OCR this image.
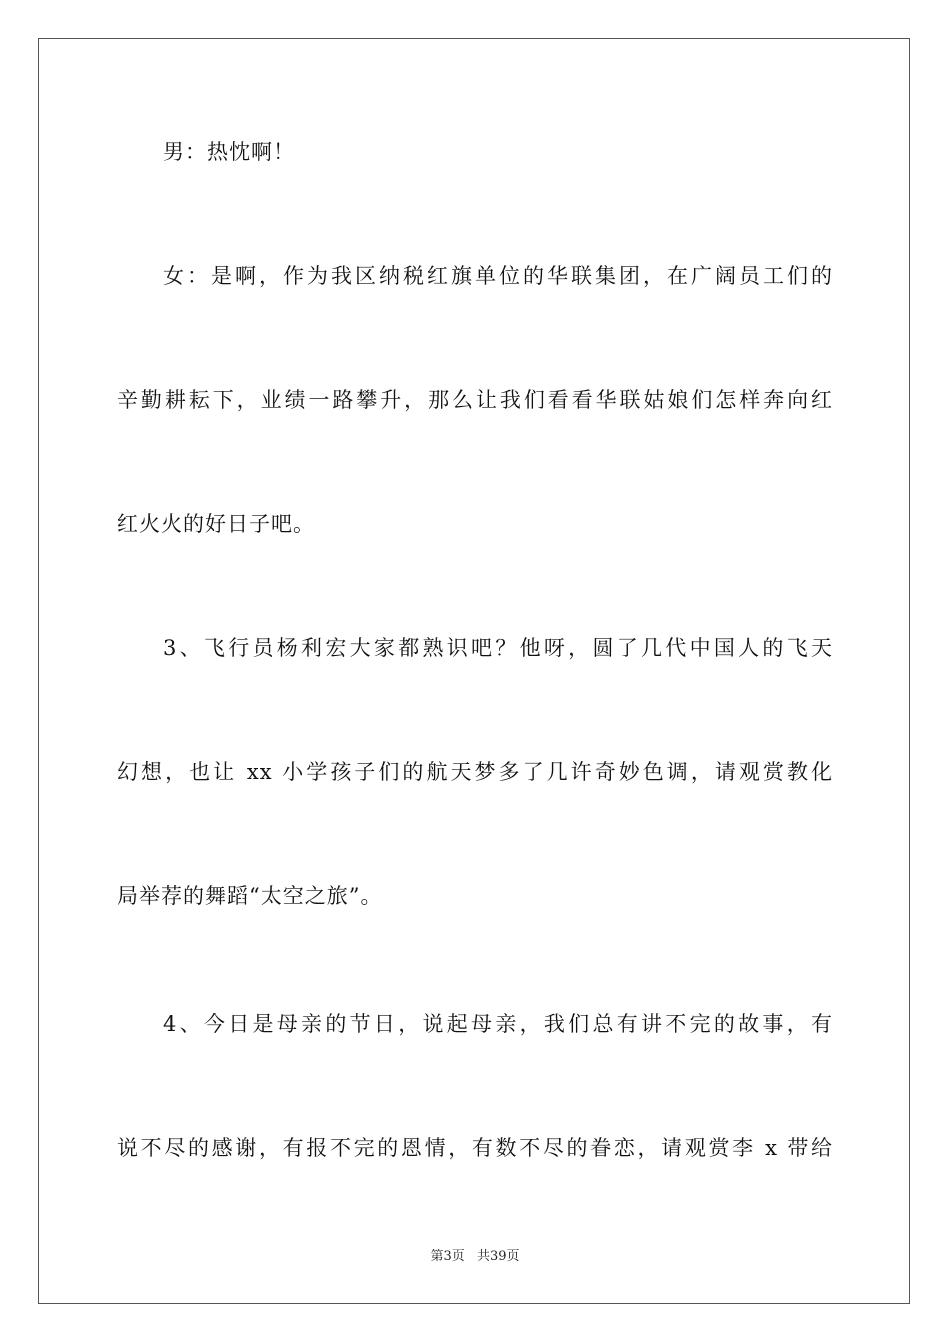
男：热忱啊！
女：是啊，作为我区纳税红旗单位的华联集团，在广阔员工们的
辛勤耕耘下，业绩一路攀升，那么让我们看看华联姑娘们怎样奔向红
红火火的好日子吧。
3、飞行员杨利宏大家都熟识吧？他呀，圆了几代中国人的飞天
幻想，也让 xx 小学孩子们的航天梦多了几许奇妙色调，请观赏教化
局举荐的舞蹈“太空之旅”。
4、今日是母亲的节日，说起母亲，我们总有讲不完的故事，有
说不尽的感谢，有报不完的恩情，有数不尽的眷恋，请观赏李 x 带给
第3页 共39页
